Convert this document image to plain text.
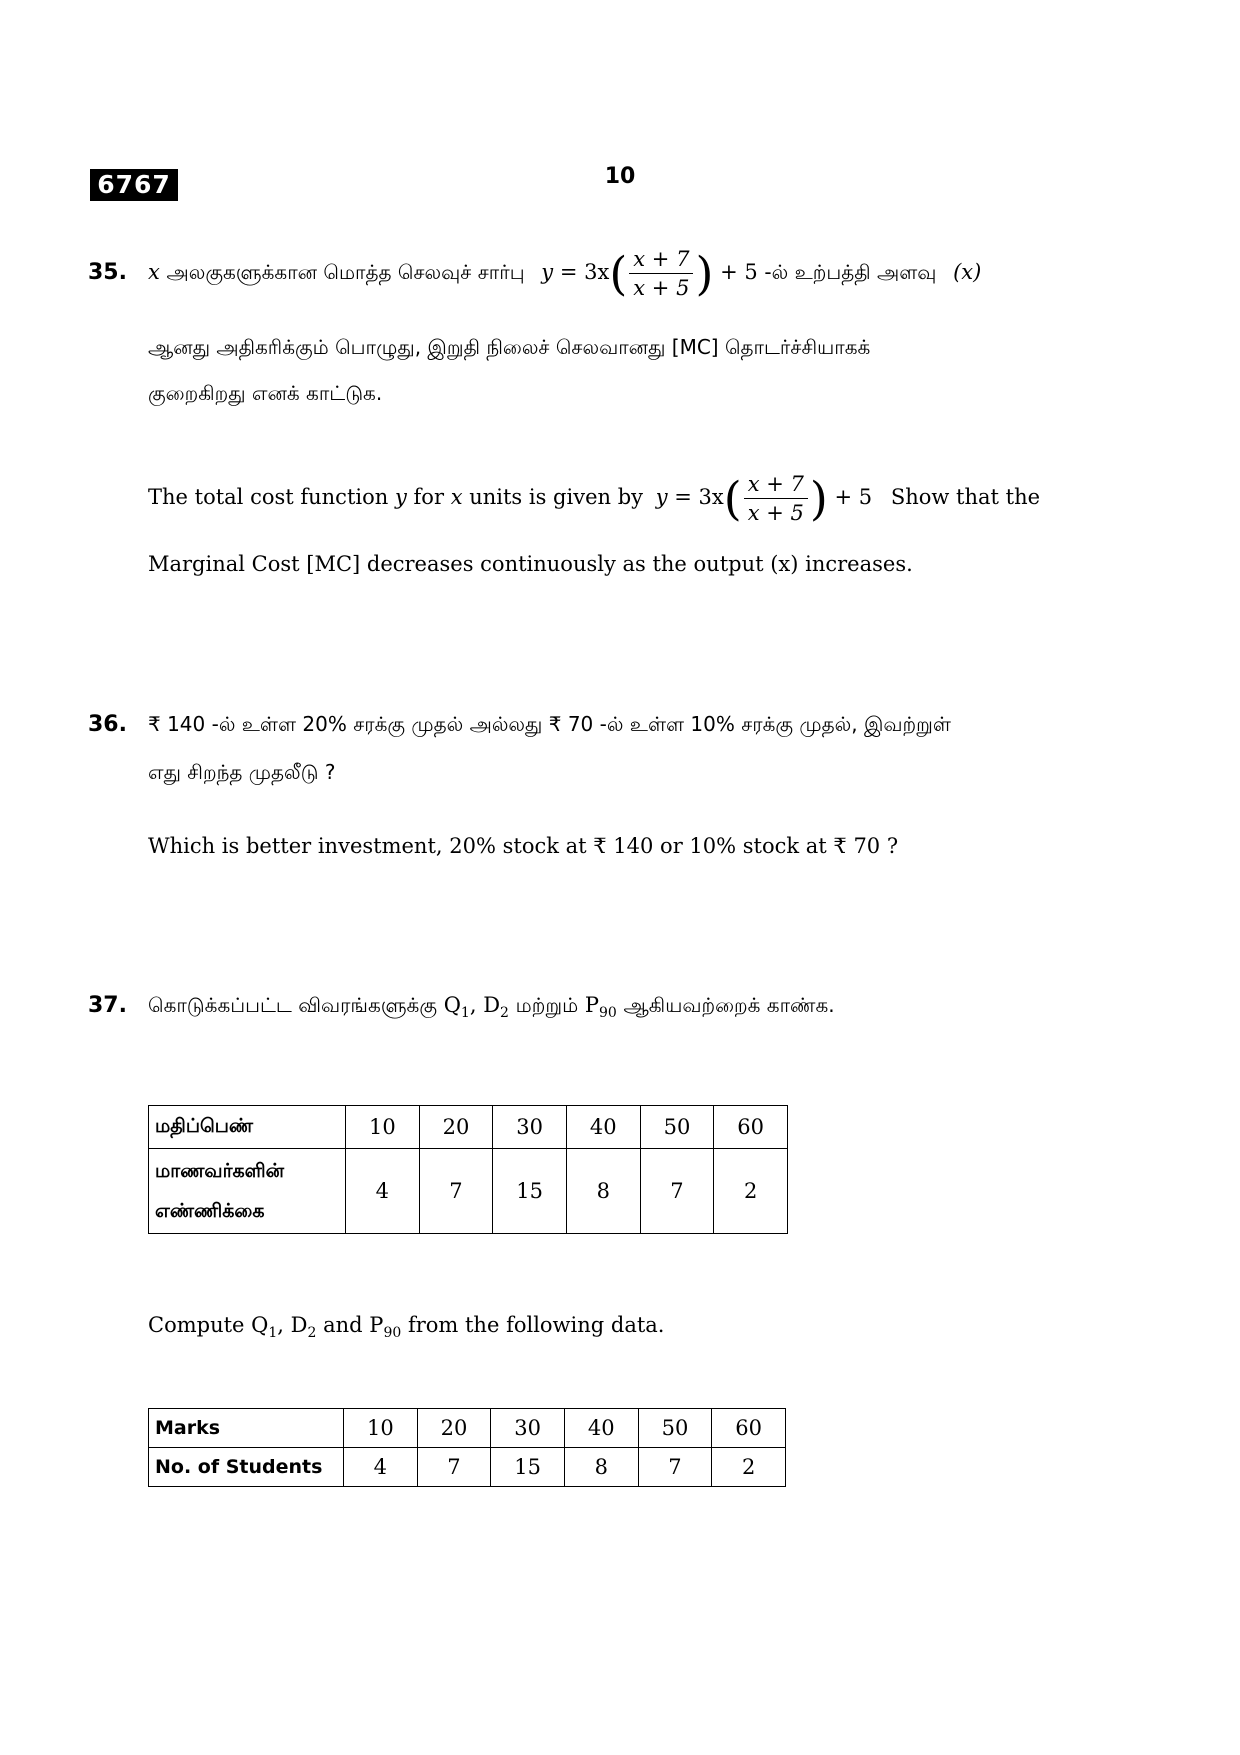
6767	10
35. x அலகுகளுக்கான மொத்த செலவுச் சார்பு $y = 3x( \frac{x + 7}{x + 5}$ ) + 5 -ல் உற்பத்தி அளவு (x)
ஆனது அதிகரிக்கும் பொழுது, இறுதி நிலைச் செலவானது [MC] தொடர்ச்சியாகக்
குறைகிறது எனக் காட்டுக.
The total cost function y for x units is given by $y = 3x( \frac{x + 7}{x + 5}$ ) + 5 Show that the
Marginal Cost [MC] decreases continuously as the output (x) increases.
36. ₹ 140 -ல் உள்ள 20% சரக்கு முதல் அல்லது ₹ 70 -ல் உள்ள 10% சரக்கு முதல், இவற்றுள்
எது சிறந்த முதலீடு ?
Which is better investment, 20% stock at ₹ 140 or 10% stock at ₹ 70 ?
37. கொடுக்கப்பட்ட விவரங்களுக்கு $Q_1$, $D_2$ மற்றும் $P_{90}$ ஆகியவற்றைக் காண்க.
மதிப்பெண்	10	20	30	40	50	60

மாணவர்களின்
எண்ணிக்கை	4	7	15	8	7	2
Compute $Q_1$, $D_2$ and $P_{90}$ from the following data.
Marks	10	20	30	40	50	60
No. of Students	4	7	15	8	7	2
